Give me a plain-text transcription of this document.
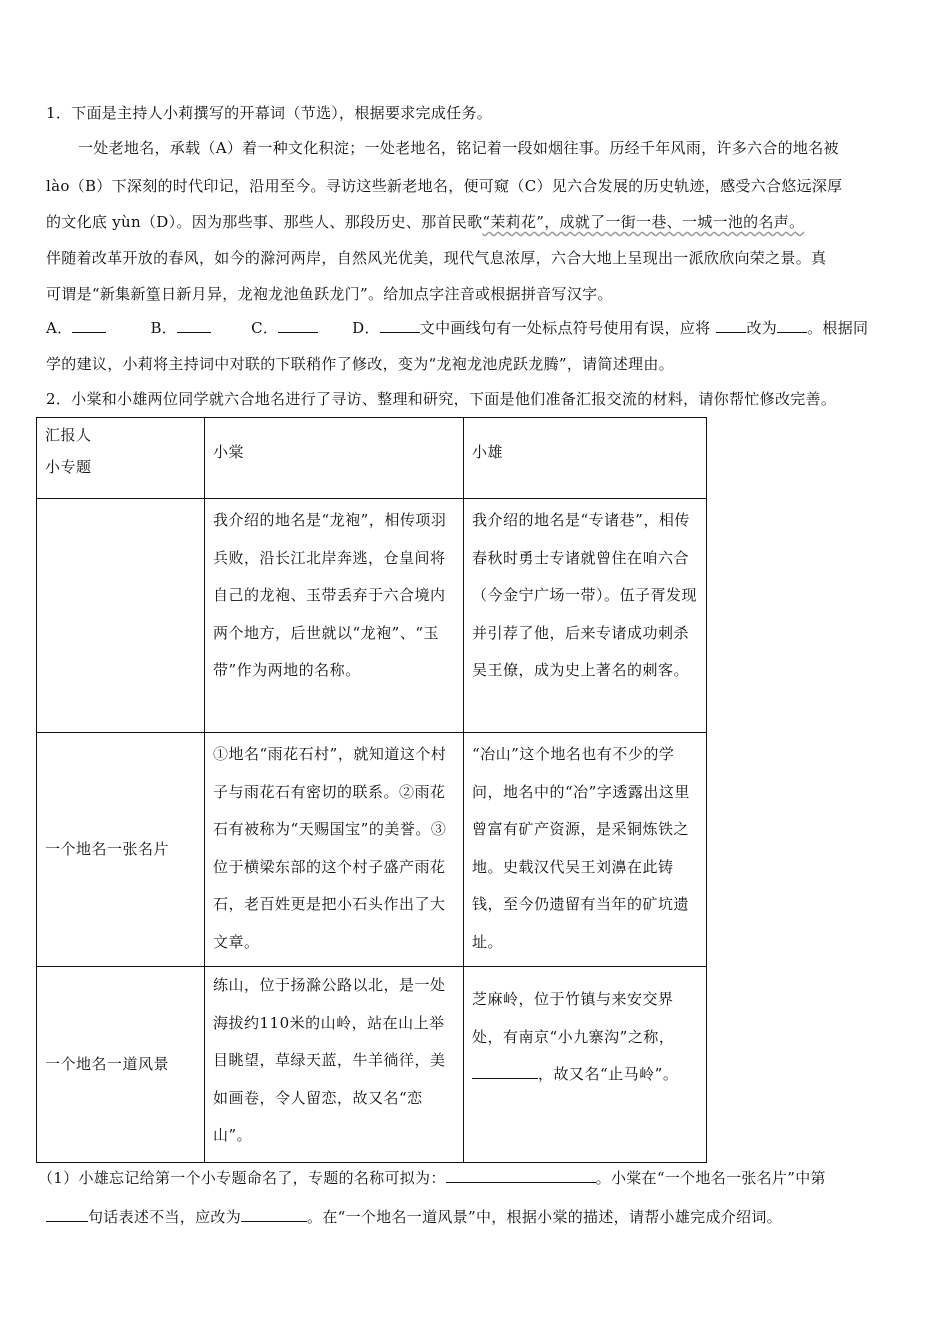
1．下面是主持人小莉撰写的开幕词（节选），根据要求完成任务。
一处老地名，承载（A）着一种文化积淀；一处老地名，铭记着一段如烟往事。历经千年风雨，许多六合的地名被
lào（B）下深刻的时代印记，沿用至今。寻访这些新老地名，便可窥（C）见六合发展的历史轨迹，感受六合悠远深厚
的文化底 yùn（D）。因为那些事、那些人、那段历史、那首民歌“茉莉花”，成就了一街一巷、一城一池的名声。
伴随着改革开放的春风，如今的滁河两岸，自然风光优美，现代气息浓厚，六合大地上呈现出一派欣欣向荣之景。真
可谓是“新集新篁日新月异，龙袍龙池鱼跃龙门”。给加点字注音或根据拼音写汉字。
A．	B．	C．	D．	文中画线句有一处标点符号使用有误，应将 改为 。根据同
学的建议，小莉将主持词中对联的下联稍作了修改，变为“龙袍龙池虎跃龙腾”，请简述理由。
2．小棠和小雄两位同学就六合地名进行了寻访、整理和研究，下面是他们准备汇报交流的材料，请你帮忙修改完善。
汇报人
小专题	小棠	小雄
	我介绍的地名是“龙袍”，相传项羽兵败，沿长江北岸奔逃，仓皇间将自己的龙袍、玉带丢弃于六合境内两个地方，后世就以“龙袍”、“玉带”作为两地的名称。	我介绍的地名是“专诸巷”，相传春秋时勇士专诸就曾住在咱六合（今金宁广场一带）。伍子胥发现并引荐了他，后来专诸成功刺杀吴王僚，成为史上著名的刺客。
一个地名一张名片	①地名“雨花石村”，就知道这个村子与雨花石有密切的联系。②雨花石有被称为“天赐国宝”的美誉。③位于横梁东部的这个村子盛产雨花石，老百姓更是把小石头作出了大文章。	“冶山”这个地名也有不少的学问，地名中的“冶”字透露出这里曾富有矿产资源，是采铜炼铁之地。史载汉代吴王刘濞在此铸钱，至今仍遗留有当年的矿坑遗址。
一个地名一道风景	练山，位于扬滁公路以北，是一处海拔约110米的山岭，站在山上举目眺望，草绿天蓝，牛羊徜徉，美如画卷，令人留恋，故又名“恋山”。	芝麻岭，位于竹镇与来安交界处，有南京“小九寨沟”之称，，故又名“止马岭”。
（1）小雄忘记给第一个小专题命名了，专题的名称可拟为：	。小棠在“一个地名一张名片”中第
句话表述不当，应改为	。在“一个地名一道风景”中，根据小棠的描述，请帮小雄完成介绍词。
